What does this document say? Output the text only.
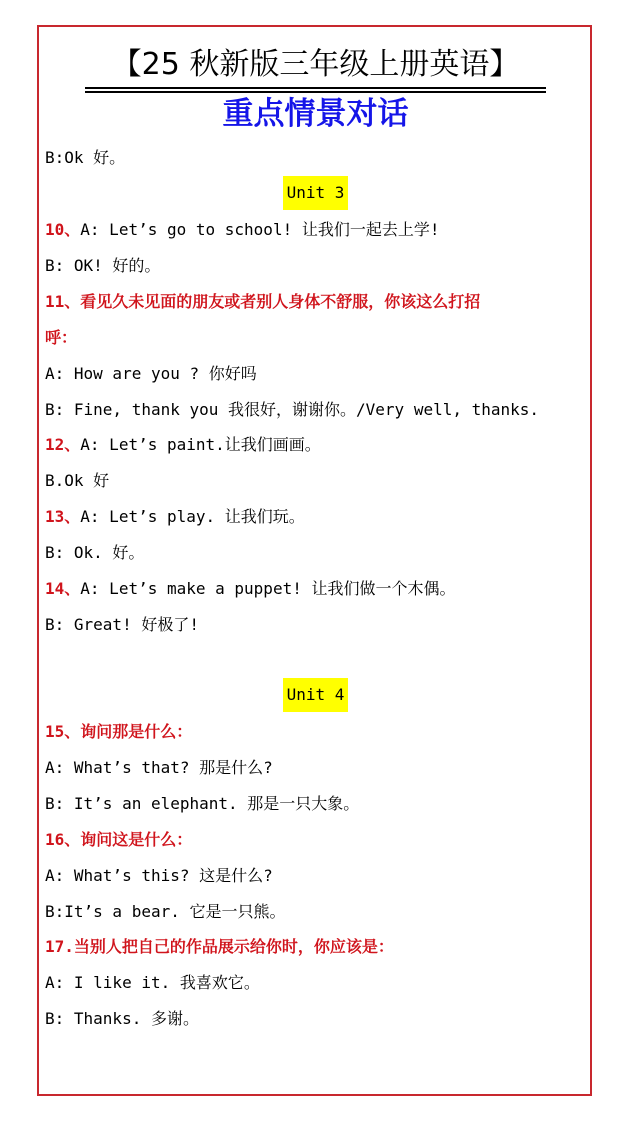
【25 秋新版三年级上册英语】
重点情景对话
B:Ok 好。
Unit 3
10、A: Let’s go to school! 让我们一起去上学!
B: OK! 好的。
11、看见久未见面的朋友或者别人身体不舒服，你该这么打招
呼：
A: How are you ? 你好吗
B: Fine, thank you 我很好，谢谢你。/Very well, thanks.
12、A: Let’s paint.让我们画画。
B.Ok 好
13、A: Let’s play. 让我们玩。
B: Ok. 好。
14、A: Let’s make a puppet! 让我们做一个木偶。
B: Great! 好极了!
Unit 4
15、询问那是什么：
A: What’s that? 那是什么?
B: It’s an elephant. 那是一只大象。
16、询问这是什么：
A: What’s this? 这是什么?
B:It’s a bear. 它是一只熊。
17.当别人把自己的作品展示给你时，你应该是：
A: I like it. 我喜欢它。
B: Thanks. 多谢。
